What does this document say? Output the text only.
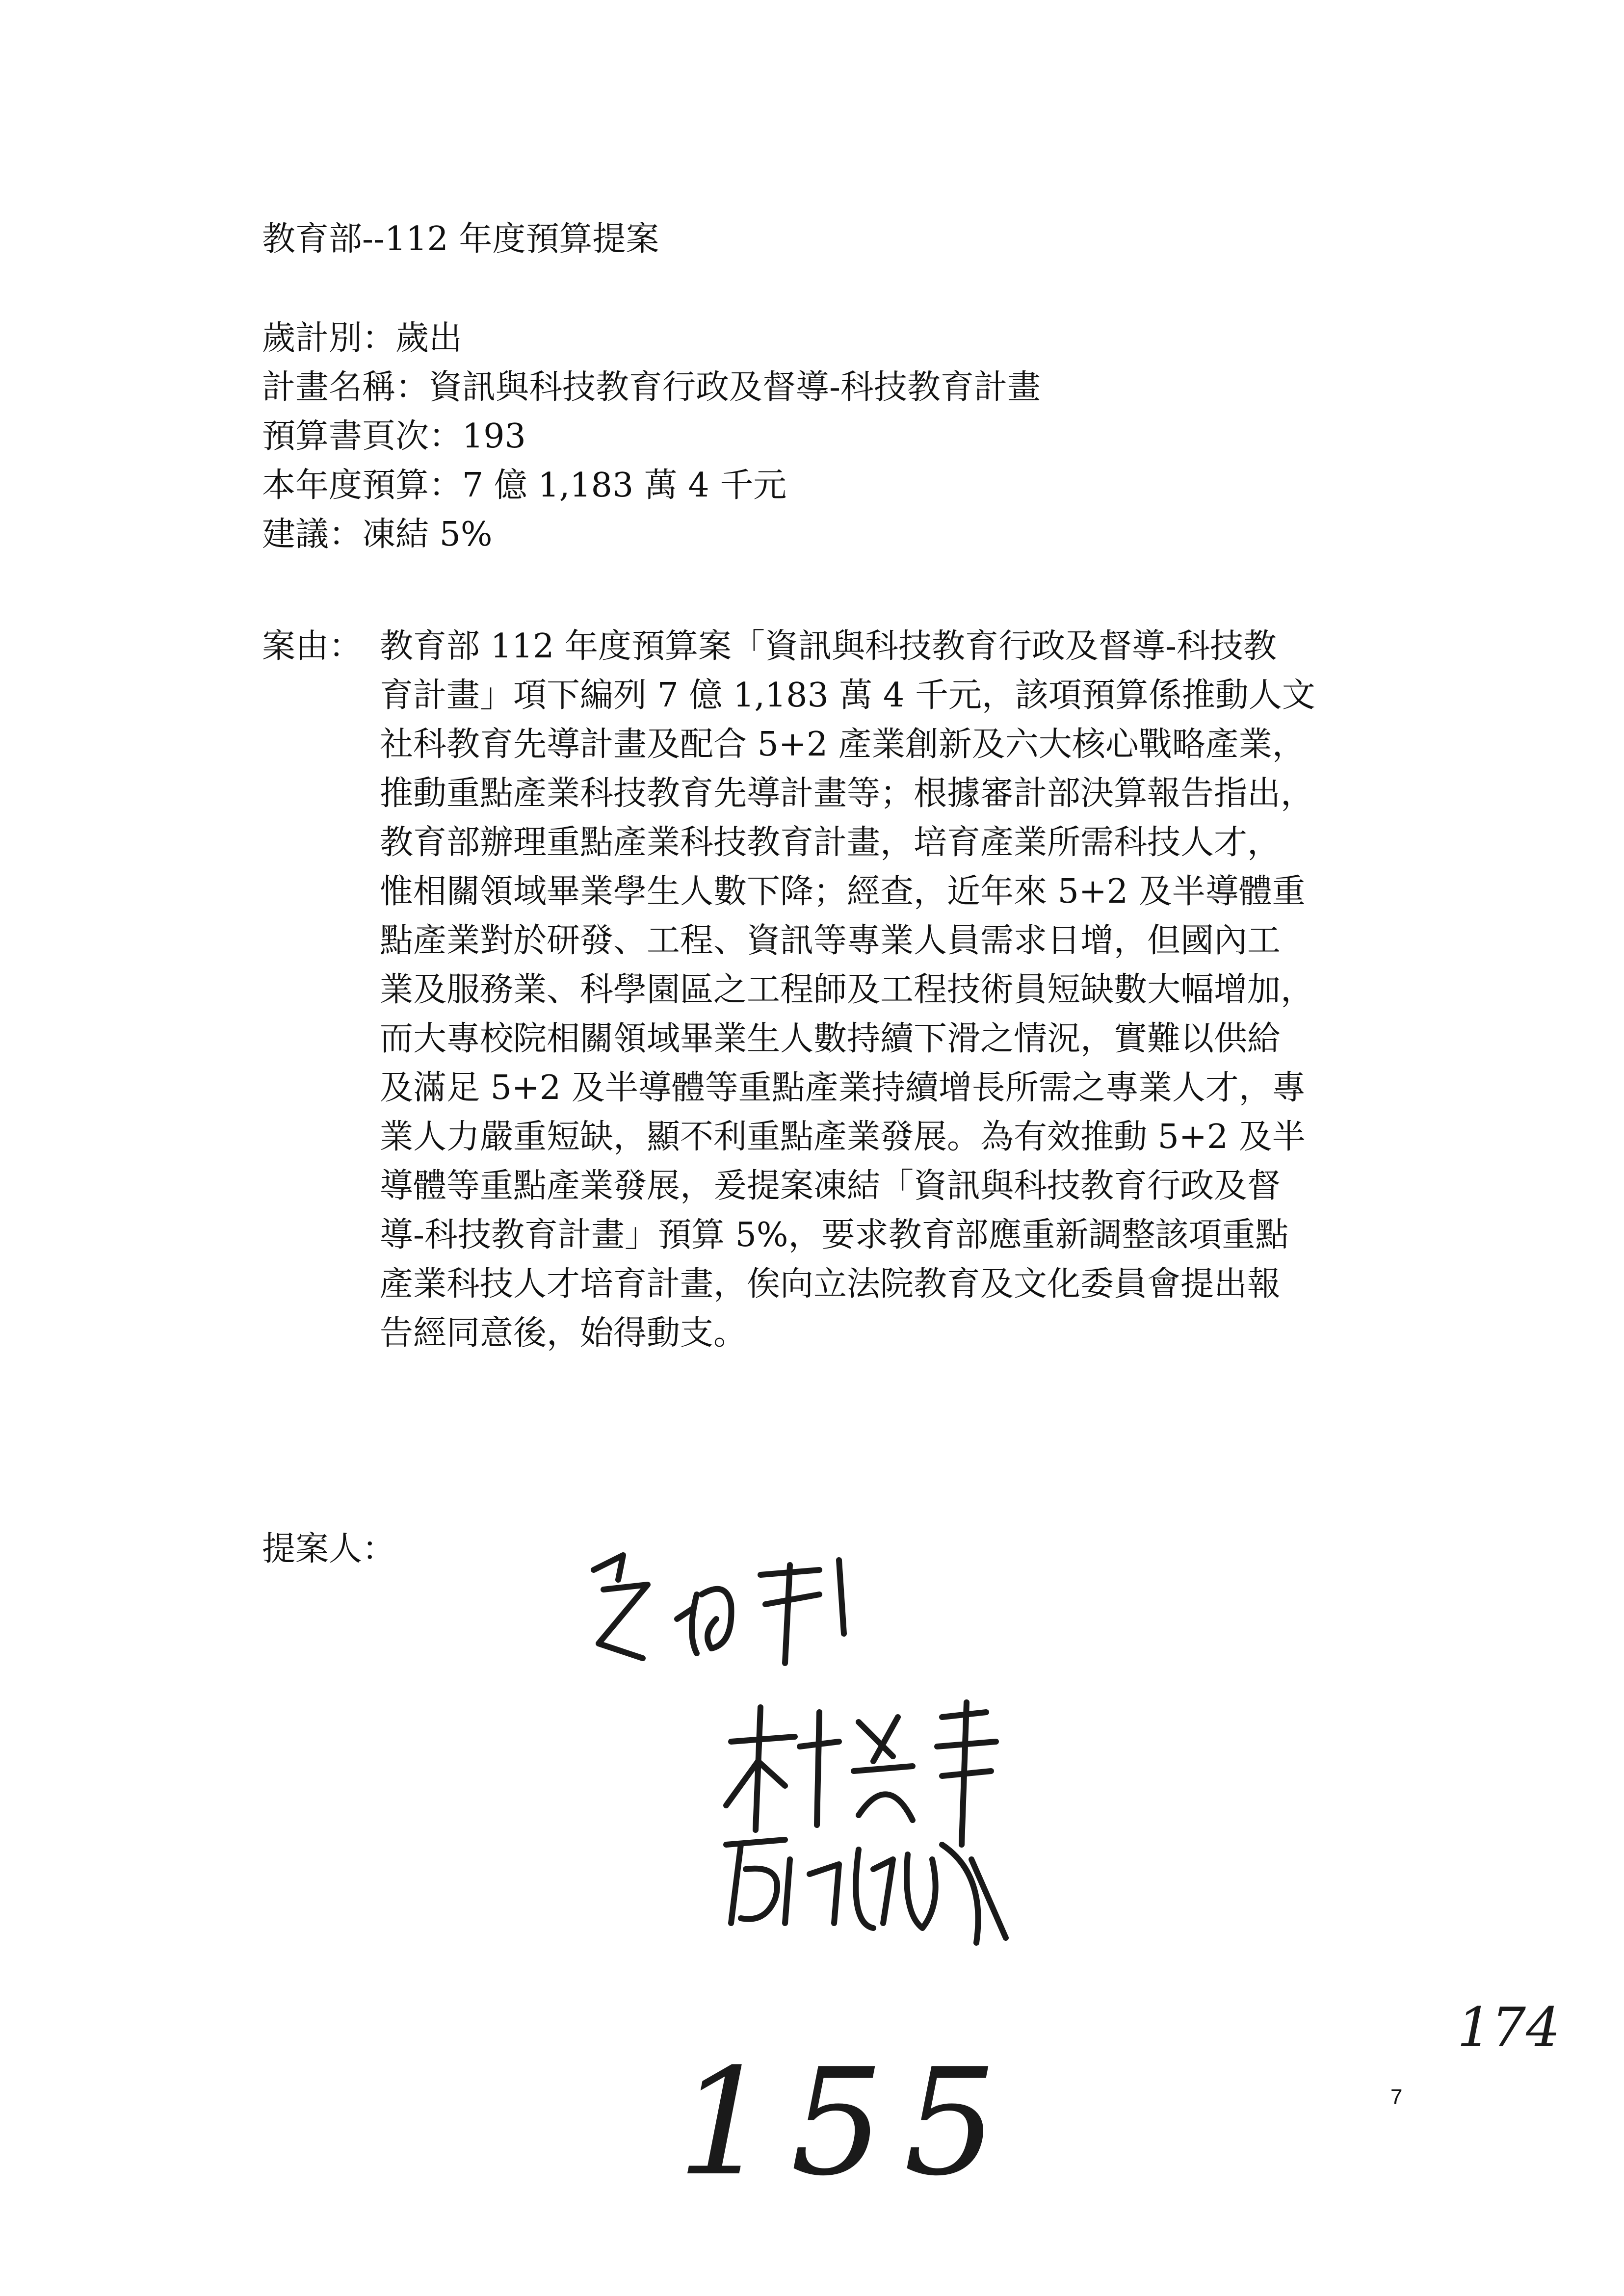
教育部--112 年度預算提案
歲計別：歲出
計畫名稱：資訊與科技教育行政及督導-科技教育計畫
預算書頁次：193
本年度預算：7 億 1,183 萬 4 千元
建議：凍結 5%
案由： 教育部 112 年度預算案「資訊與科技教育行政及督導-科技教
育計畫」項下編列 7 億 1,183 萬 4 千元，該項預算係推動人文
社科教育先導計畫及配合 5+2 產業創新及六大核心戰略產業，
推動重點產業科技教育先導計畫等；根據審計部決算報告指出，
教育部辦理重點產業科技教育計畫，培育產業所需科技人才，
惟相關領域畢業學生人數下降；經查，近年來 5+2 及半導體重
點產業對於研發、工程、資訊等專業人員需求日增，但國內工
業及服務業、科學園區之工程師及工程技術員短缺數大幅增加，
而大專校院相關領域畢業生人數持續下滑之情況，實難以供給
及滿足 5+2 及半導體等重點產業持續增長所需之專業人才，專
業人力嚴重短缺，顯不利重點產業發展。為有效推動 5+2 及半
導體等重點產業發展，爰提案凍結「資訊與科技教育行政及督
導-科技教育計畫」預算 5%，要求教育部應重新調整該項重點
產業科技人才培育計畫，俟向立法院教育及文化委員會提出報
告經同意後，始得動支。
提案人：
155
174
7
